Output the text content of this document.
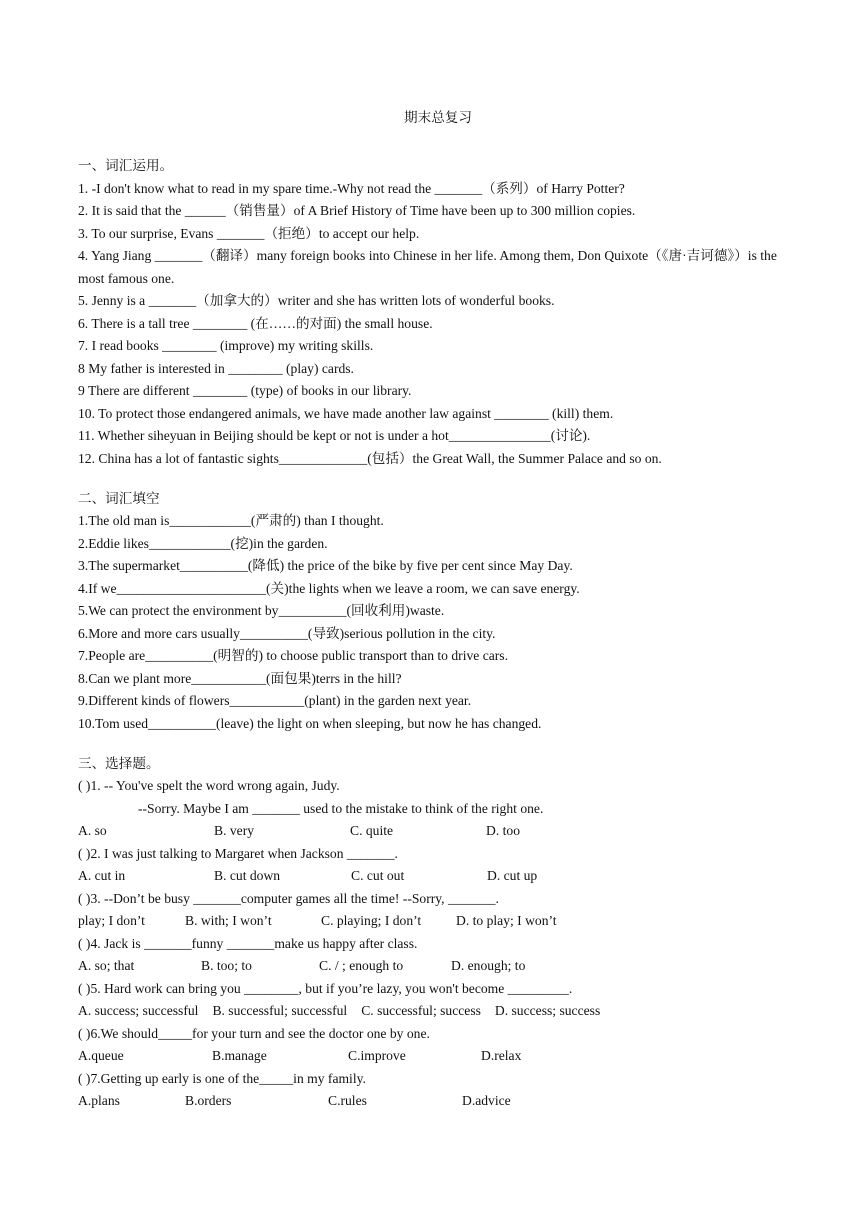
期末总复习
一、词汇运用。
1. -I don't know what to read in my spare time.-Why not read the _______（系列）of Harry Potter?
2. It is said that the ______（销售量）of A Brief History of Time have been up to 300 million copies.
3. To our surprise, Evans _______（拒绝）to accept our help.
4. Yang Jiang _______（翻译）many foreign books into Chinese in her life. Among them, Don Quixote（《唐·吉诃德》）is the most famous one.
5. Jenny is a _______（加拿大的）writer and she has written lots of wonderful books.
6. There is a tall tree ________ (在……的对面) the small house.
7. I read books ________ (improve) my writing skills.
8 My father is interested in ________ (play) cards.
9 There are different ________ (type) of books in our library.
10. To protect those endangered animals, we have made another law against ________ (kill) them.
11. Whether siheyuan in Beijing should be kept or not is under a hot_______________(讨论).
12. China has a lot of fantastic sights_____________(包括）the Great Wall, the Summer Palace and so on.
二、词汇填空
1.The old man is____________(严肃的) than I thought.
2.Eddie likes____________(挖)in the garden.
3.The supermarket__________(降低) the price of the bike by five per cent since May Day.
4.If we______________________(关)the lights when we leave a room, we can save energy.
5.We can protect the environment by__________(回收利用)waste.
6.More and more cars usually__________(导致)serious pollution in the city.
7.People are__________(明智的) to choose public transport than to drive cars.
8.Can we plant more___________(面包果)terrs in the hill?
9.Different kinds of flowers___________(plant) in the garden next year.
10.Tom used__________(leave) the light on when sleeping, but now he has changed.
三、选择题。
( )1. -- You've spelt the word wrong again, Judy.
--Sorry. Maybe I am _______ used to the mistake to think of the right one.
A. so	B. very	C. quite	D. too
( )2. I was just talking to Margaret when Jackson _______.
A. cut in	B. cut down	C. cut out	D. cut up
( )3. --Don’t be busy _______computer games all the time! --Sorry, _______.
play; I don’t	B. with; I won’t	C. playing; I don’t	D. to play; I won’t
( )4. Jack is _______funny _______make us happy after class.
A. so; that	B. too; to	C. / ; enough to	D. enough; to
( )5. Hard work can bring you ________, but if you’re lazy, you won't become _________.
A. success; successful B. successful; successful C. successful; success D. success; success
( )6.We should_____for your turn and see the doctor one by one.
A.queue	B.manage	C.improve	D.relax
( )7.Getting up early is one of the_____in my family.
A.plans	B.orders	C.rules	D.advice
